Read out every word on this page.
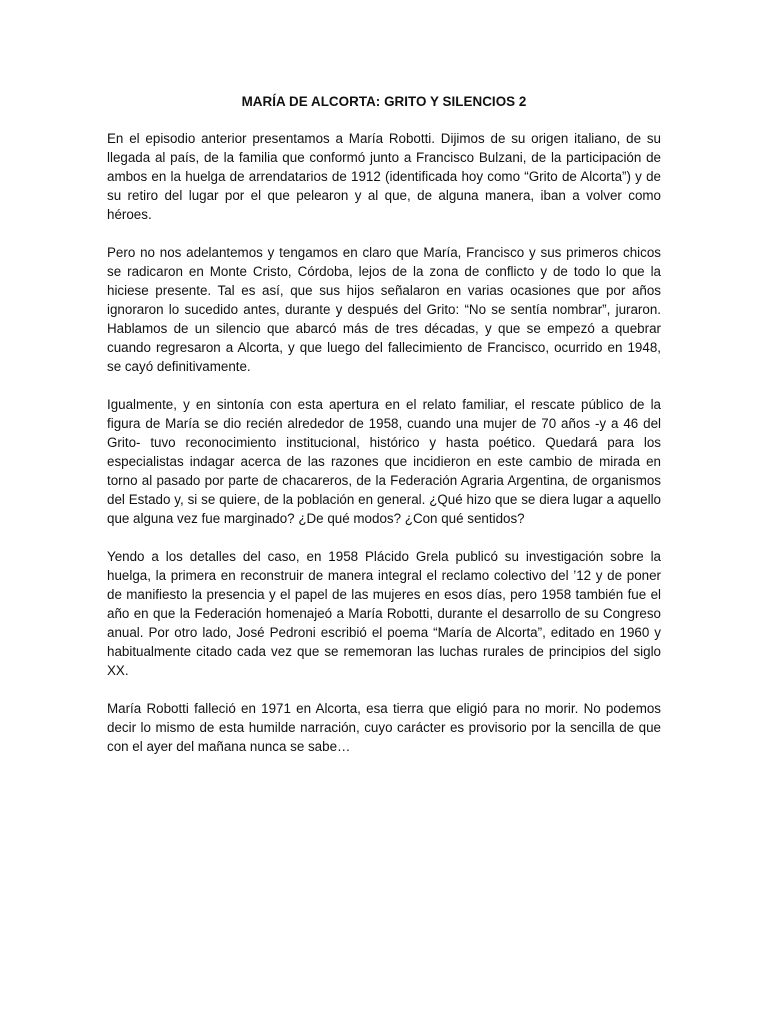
MARÍA DE ALCORTA: GRITO Y SILENCIOS 2

En el episodio anterior presentamos a María Robotti. Dijimos de su origen italiano, de su llegada al país, de la familia que conformó junto a Francisco Bulzani, de la participación de ambos en la huelga de arrendatarios de 1912 (identificada hoy como “Grito de Alcorta”) y de su retiro del lugar por el que pelearon y al que, de alguna manera, iban a volver como héroes.

Pero no nos adelantemos y tengamos en claro que María, Francisco y sus primeros chicos se radicaron en Monte Cristo, Córdoba, lejos de la zona de conflicto y de todo lo que la hiciese presente. Tal es así, que sus hijos señalaron en varias ocasiones que por años ignoraron lo sucedido antes, durante y después del Grito: “No se sentía nombrar”, juraron. Hablamos de un silencio que abarcó más de tres décadas, y que se empezó a quebrar cuando regresaron a Alcorta, y que luego del fallecimiento de Francisco, ocurrido en 1948, se cayó definitivamente.

Igualmente, y en sintonía con esta apertura en el relato familiar, el rescate público de la figura de María se dio recién alrededor de 1958, cuando una mujer de 70 años -y a 46 del Grito- tuvo reconocimiento institucional, histórico y hasta poético. Quedará para los especialistas indagar acerca de las razones que incidieron en este cambio de mirada en torno al pasado por parte de chacareros, de la Federación Agraria Argentina, de organismos del Estado y, si se quiere, de la población en general. ¿Qué hizo que se diera lugar a aquello que alguna vez fue marginado? ¿De qué modos? ¿Con qué sentidos?

Yendo a los detalles del caso, en 1958 Plácido Grela publicó su investigación sobre la huelga, la primera en reconstruir de manera integral el reclamo colectivo del ’12 y de poner de manifiesto la presencia y el papel de las mujeres en esos días, pero 1958 también fue el año en que la Federación homenajeó a María Robotti, durante el desarrollo de su Congreso anual. Por otro lado, José Pedroni escribió el poema “María de Alcorta”, editado en 1960 y habitualmente citado cada vez que se rememoran las luchas rurales de principios del siglo XX.

María Robotti falleció en 1971 en Alcorta, esa tierra que eligió para no morir. No podemos decir lo mismo de esta humilde narración, cuyo carácter es provisorio por la sencilla de que con el ayer del mañana nunca se sabe…
